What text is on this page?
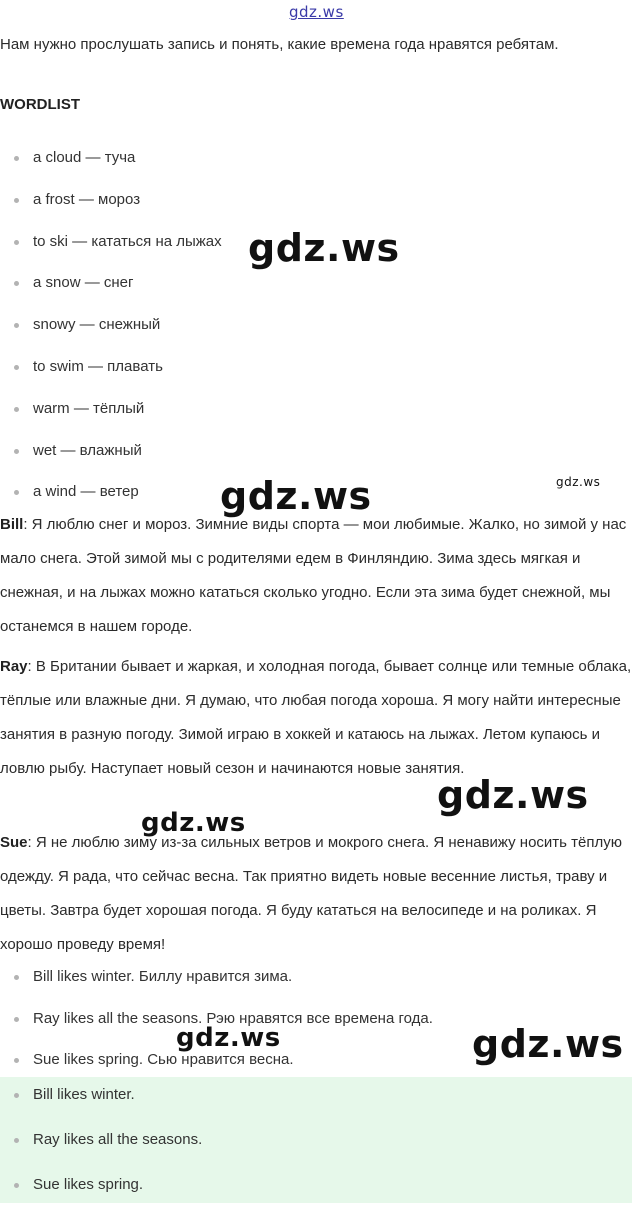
gdz.ws
Нам нужно прослушать запись и понять, какие времена года нравятся ребятам.
WORDLIST
a cloud — туча
a frost — мороз
to ski — кататься на лыжах
a snow — снег
snowy — снежный
to swim — плавать
warm — тёплый
wet — влажный
a wind — ветер
Bill: Я люблю снег и мороз. Зимние виды спорта — мои любимые. Жалко, но зимой у нас мало снега. Этой зимой мы с родителями едем в Финляндию. Зима здесь мягкая и снежная, и на лыжах можно кататься сколько угодно. Если эта зима будет снежной, мы останемся в нашем городе.
Ray: В Британии бывает и жаркая, и холодная погода, бывает солнце или темные облака, тёплые или влажные дни. Я думаю, что любая погода хороша. Я могу найти интересные занятия в разную погоду. Зимой играю в хоккей и катаюсь на лыжах. Летом купаюсь и ловлю рыбу. Наступает новый сезон и начинаются новые занятия.
Sue: Я не люблю зиму из-за сильных ветров и мокрого снега. Я ненавижу носить тёплую одежду. Я рада, что сейчас весна. Так приятно видеть новые весенние листья, траву и цветы. Завтра будет хорошая погода. Я буду кататься на велосипеде и на роликах. Я хорошо проведу время!
Bill likes winter. Биллу нравится зима.
Ray likes all the seasons. Рэю нравятся все времена года.
Sue likes spring. Сью нравится весна.
Bill likes winter.
Ray likes all the seasons.
Sue likes spring.
gdz.ws
gdz.ws	gdz.ws
gdz.ws
gdz.ws
gdz.ws	gdz.ws
